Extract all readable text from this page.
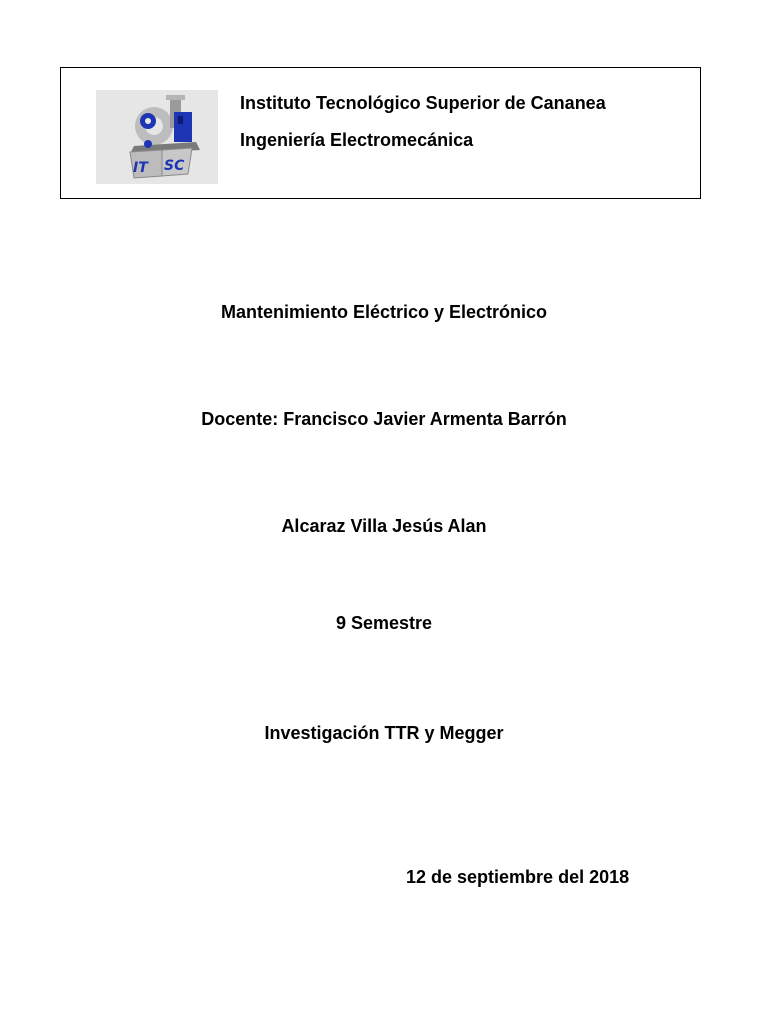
IT SC
Instituto Tecnológico Superior de Cananea
Ingeniería Electromecánica
Mantenimiento Eléctrico y Electrónico
Docente: Francisco Javier Armenta Barrón
Alcaraz Villa Jesús Alan
9 Semestre
Investigación TTR y Megger
12 de septiembre del 2018
